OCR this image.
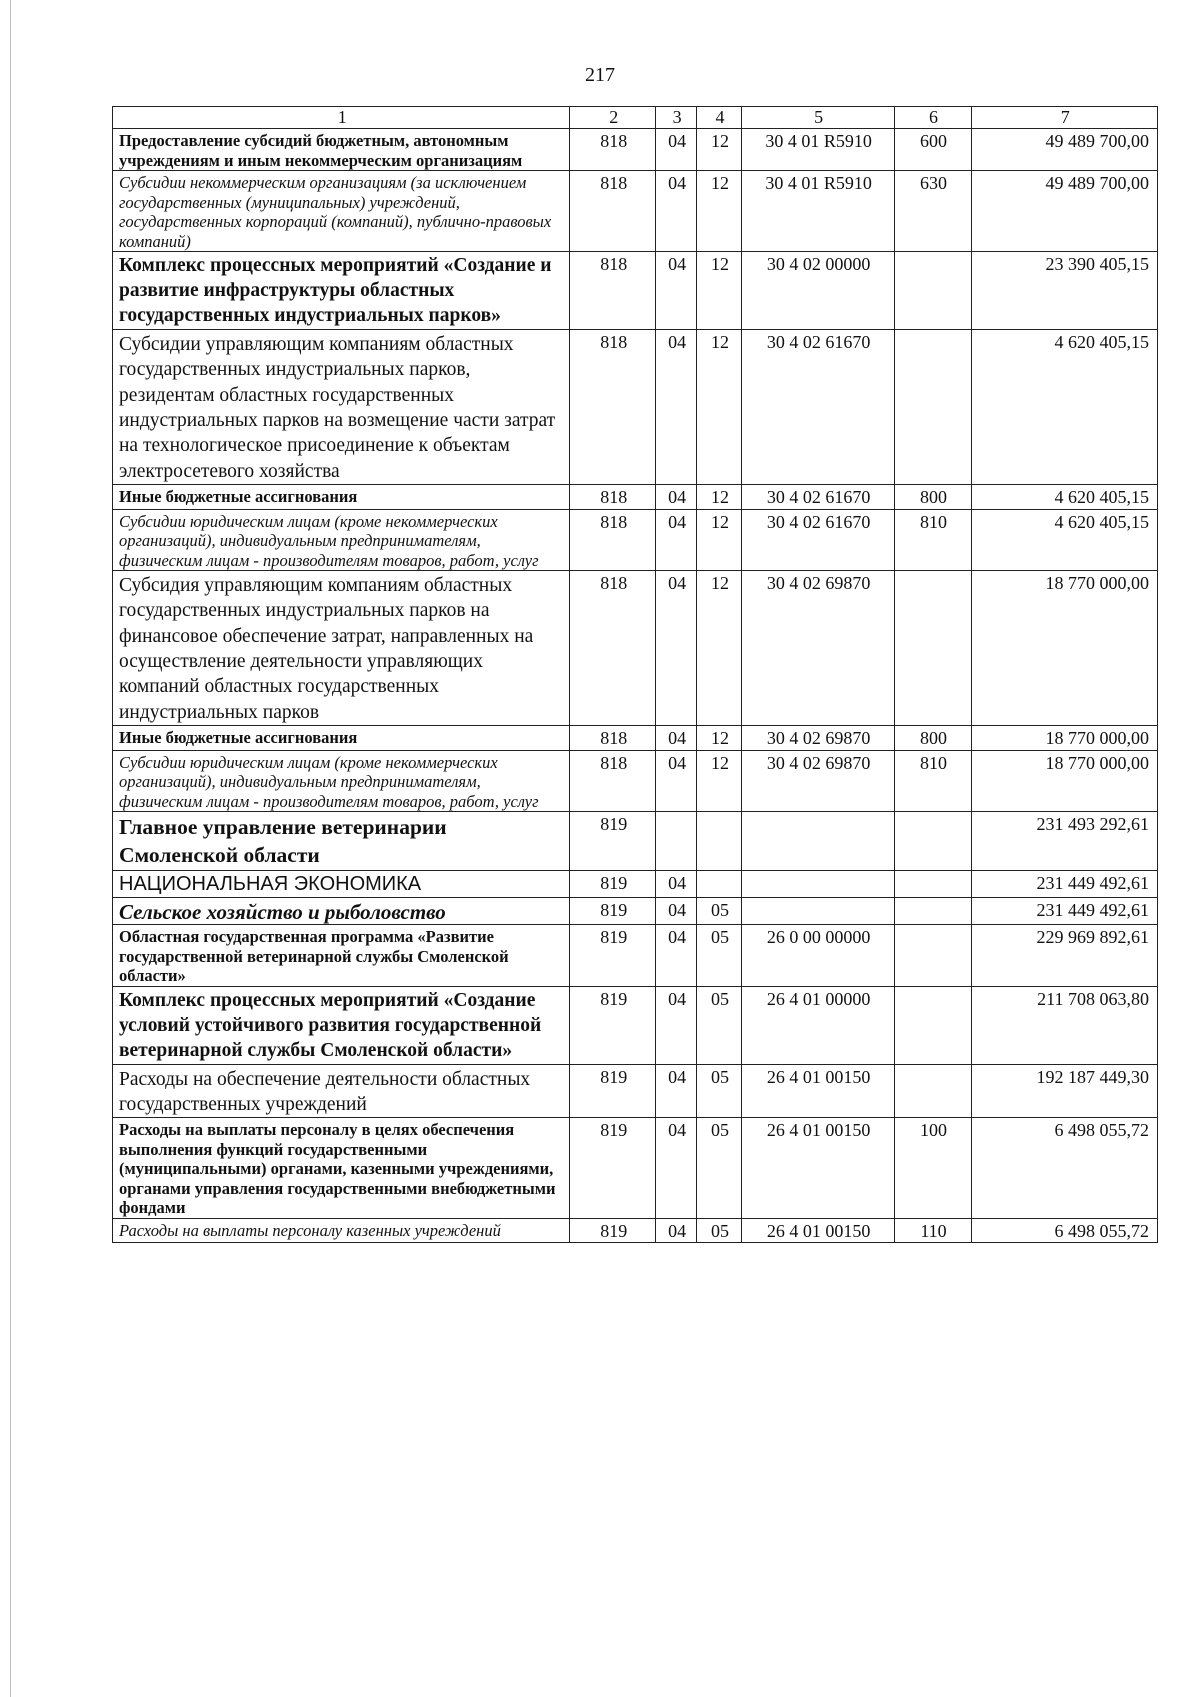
217
1	2	3	4	5	6	7
Предоставление субсидий бюджетным, автономным учреждениям и иным некоммерческим организациям	818	04	12	30 4 01 R5910	600	49 489 700,00
Субсидии некоммерческим организациям (за исключением государственных (муниципальных) учреждений, государственных корпораций (компаний), публично-правовых компаний)	818	04	12	30 4 01 R5910	630	49 489 700,00
Комплекс процессных мероприятий «Создание и развитие инфраструктуры областных государственных индустриальных парков»	818	04	12	30 4 02 00000		23 390 405,15
Субсидии управляющим компаниям областных государственных индустриальных парков, резидентам областных государственных индустриальных парков на возмещение части затрат на технологическое присоединение к объектам электросетевого хозяйства	818	04	12	30 4 02 61670		4 620 405,15
Иные бюджетные ассигнования	818	04	12	30 4 02 61670	800	4 620 405,15
Субсидии юридическим лицам (кроме некоммерческих организаций), индивидуальным предпринимателям, физическим лицам - производителям товаров, работ, услуг	818	04	12	30 4 02 61670	810	4 620 405,15
Субсидия управляющим компаниям областных государственных индустриальных парков на финансовое обеспечение затрат, направленных на осуществление деятельности управляющих компаний областных государственных индустриальных парков	818	04	12	30 4 02 69870		18 770 000,00
Иные бюджетные ассигнования	818	04	12	30 4 02 69870	800	18 770 000,00
Субсидии юридическим лицам (кроме некоммерческих организаций), индивидуальным предпринимателям, физическим лицам - производителям товаров, работ, услуг	818	04	12	30 4 02 69870	810	18 770 000,00
Главное управление ветеринарии Смоленской области	819					231 493 292,61
НАЦИОНАЛЬНАЯ ЭКОНОМИКА	819	04				231 449 492,61
Сельское хозяйство и рыболовство	819	04	05			231 449 492,61
Областная государственная программа «Развитие государственной ветеринарной службы Смоленской области»	819	04	05	26 0 00 00000		229 969 892,61
Комплекс процессных мероприятий «Создание условий устойчивого развития государственной ветеринарной службы Смоленской области»	819	04	05	26 4 01 00000		211 708 063,80
Расходы на обеспечение деятельности областных государственных учреждений	819	04	05	26 4 01 00150		192 187 449,30
Расходы на выплаты персоналу в целях обеспечения выполнения функций государственными (муниципальными) органами, казенными учреждениями, органами управления государственными внебюджетными фондами	819	04	05	26 4 01 00150	100	6 498 055,72
Расходы на выплаты персоналу казенных учреждений	819	04	05	26 4 01 00150	110	6 498 055,72
